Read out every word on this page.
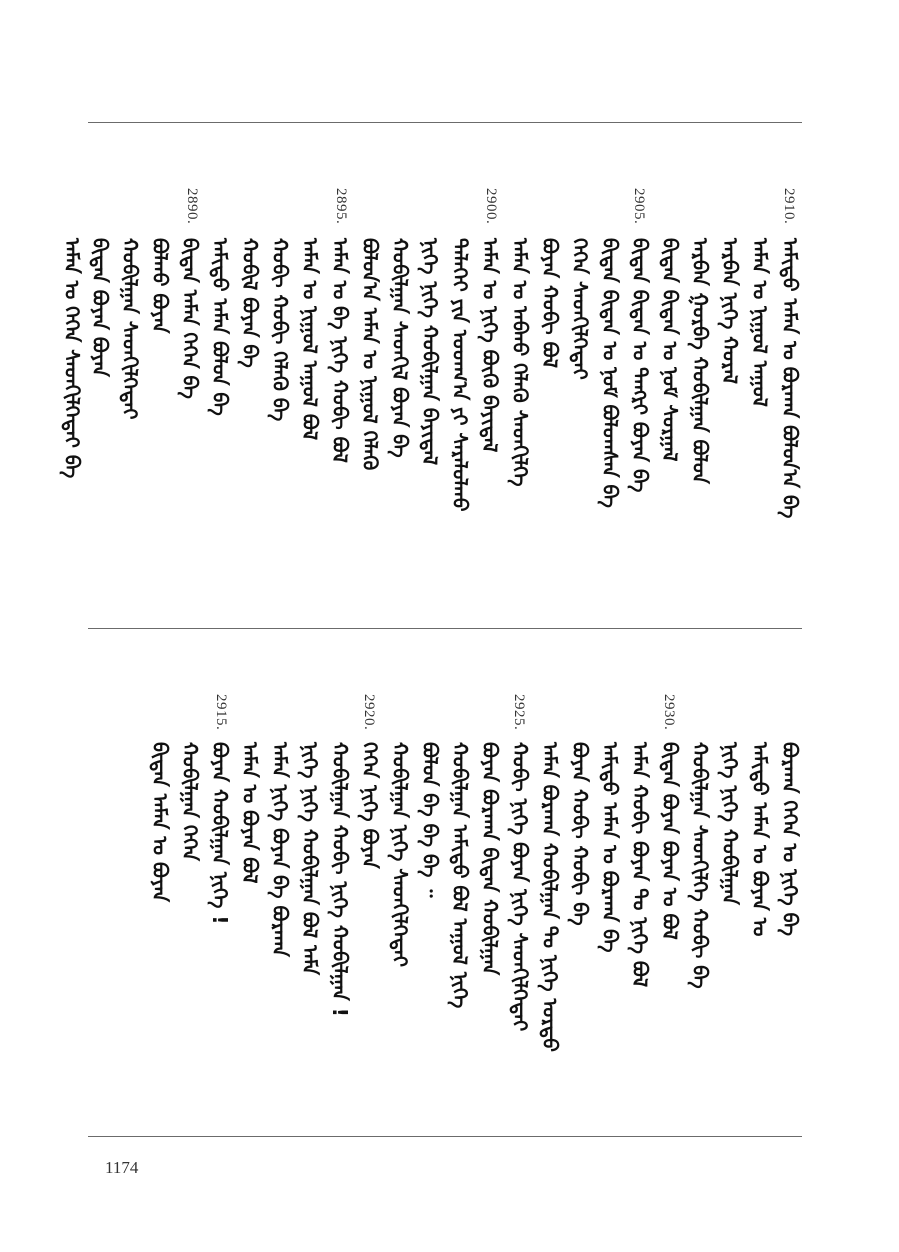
2910.
2905.
2900.
2895.
2890.
ᠠᠮᠢᠳᠤ ᠠᠮᠠᠨ ᠤ ᠪᠤᠷᠬᠠᠨ ᠪᠣᠯᠤᠨ᠎ᠠ ᠪᠡ
ᠠᠮᠠᠨ ᠤ ᠨᠢᠭᠤᠯ ᠠᠭᠤᠯ
ᠠᠷᠪᠠᠨ ᠨᠢᠭᠡ ᠬᠤᠷᠠᠯ
ᠠᠷᠪᠠᠨ ᠭᠤᠷᠪᠠ ᠬᠤᠪᠢᠯᠭᠠᠨ ᠪᠣᠯᠤᠨ
ᠪᠢᠳᠡᠨ ᠪᠢᠳᠡᠨ ᠤ ᠨᠣᠮ ᠰᠤᠷᠭᠠᠯ
ᠪᠢᠳᠡᠨ ᠪᠢᠳᠡᠨ ᠤ ᠲᠡᠩᠷᠢ ᠪᠤᠶᠠᠨ ᠪᠡ
ᠪᠢᠳᠡᠨ ᠪᠢᠳᠡᠨ ᠤ ᠨᠣᠮ ᠪᠤᠯᠤᠭᠰᠠᠨ ᠪᠡ
ᠭᠡᠭᠡᠨ ᠰᠡᠳᠬᠢᠯᠭᠡᠲᠡᠢ
ᠪᠤᠶᠠᠨ ᠬᠤᠪᠢ ᠪᠣᠯ
ᠠᠮᠠᠨ ᠤ ᠠᠪᠬᠤ ᠬᠡᠯᠡᠬᠦ ᠰᠡᠳᠬᠢᠯᠭᠡ
ᠠᠮᠠᠨ ᠤ ᠨᠢᠭᠡ ᠪᠦᠬᠦ ᠪᠠᠶᠢᠳᠠᠯ
ᠳᠡᠯᠡᠬᠡᠢ ᠶᠢᠨ ᠤᠳᠬ᠎ᠠ ᠶᠢ ᠰᠠᠷᠠᠯᠤᠯᠬᠤ
ᠨᠢᠭᠡ ᠨᠢᠭᠡ ᠬᠤᠪᠢᠯᠭᠠᠨ ᠪᠠᠶᠢᠳᠠᠯ
ᠬᠤᠪᠢᠯᠭᠠᠨ ᠰᠡᠳᠬᠢᠯ ᠪᠤᠶᠠᠨ ᠪᠡ
ᠪᠣᠯᠤᠨ᠎ᠠ ᠠᠮᠠᠨ ᠤ ᠨᠢᠭᠤᠯ ᠬᠡᠯᠡᠬᠦ
ᠠᠮᠠᠨ ᠤ ᠪᠡ ᠨᠢᠭᠡ ᠬᠤᠪᠢ ᠪᠣᠯ
ᠠᠮᠠᠨ ᠤ ᠨᠢᠭᠤᠯ ᠠᠭᠤᠯ ᠪᠣᠯ
ᠬᠤᠪᠢ ᠬᠤᠪᠢ ᠬᠡᠯᠡᠬᠦ ᠪᠡ
ᠬᠤᠪᠢᠯ ᠪᠤᠶᠠᠨ ᠪᠡ
ᠠᠮᠢᠳᠤ ᠠᠮᠠᠨ ᠪᠣᠯᠤᠨ ᠪᠡ
ᠪᠢᠳᠡᠨ ᠠᠮᠠᠨ ᠭᠡᠭᠡᠨ ᠪᠡ
ᠪᠣᠯᠬᠤ ᠪᠤᠶᠠᠨ
ᠬᠤᠪᠢᠯᠭᠠᠨ ᠰᠡᠳᠬᠢᠯᠭᠡᠲᠡᠢ
ᠪᠢᠳᠡᠨ ᠪᠤᠶᠠᠨ ᠪᠤᠶᠠᠨ
ᠠᠮᠠᠨ ᠤ ᠭᠡᠭᠡᠨ ᠰᠡᠳᠬᠢᠯᠭᠡᠲᠡᠢ ᠪᠡ
2930.
2925.
2920.
2915.
ᠪᠤᠷᠬᠠᠨ ᠭᠡᠭᠡᠨ ᠤ ᠨᠢᠭᠡ ᠪᠡ
ᠠᠮᠢᠳᠤ ᠠᠮᠠᠨ ᠤ ᠪᠤᠶᠠᠨ ᠤ
ᠨᠢᠭᠡ ᠨᠢᠭᠡ ᠬᠤᠪᠢᠯᠭᠠᠨ
ᠬᠤᠪᠢᠯᠭᠠᠨ ᠰᠡᠳᠬᠢᠯᠭᠡ ᠬᠤᠪᠢ ᠪᠡ
ᠪᠢᠳᠡᠨ ᠪᠤᠶᠠᠨ ᠪᠤᠶᠠᠨ ᠤ ᠪᠣᠯ
ᠠᠮᠠᠨ ᠬᠤᠪᠢ ᠪᠤᠶᠠᠨ ᠲᠤ ᠨᠢᠭᠡ ᠪᠣᠯ
ᠠᠮᠢᠳᠤ ᠠᠮᠠᠨ ᠤ ᠪᠤᠷᠬᠠᠨ ᠪᠡ
ᠪᠤᠶᠠᠨ ᠬᠤᠪᠢ ᠬᠤᠪᠢ ᠪᠡ
ᠠᠮᠠᠨ ᠪᠤᠷᠬᠠᠨ ᠬᠤᠪᠢᠯᠭᠠᠨ ᠲᠤ ᠨᠢᠭᠡ ᠤᠷᠳᠤ
ᠬᠤᠪᠢ ᠨᠢᠭᠡ ᠪᠤᠶᠠᠨ ᠨᠢᠭᠡ ᠰᠡᠳᠬᠢᠯᠭᠡᠲᠡᠢ
ᠪᠤᠶᠠᠨ ᠪᠤᠷᠬᠠᠨ ᠪᠢᠳᠡᠨ ᠬᠤᠪᠢᠯᠭᠠᠨ
ᠬᠤᠪᠢᠯᠭᠠᠨ ᠠᠮᠢᠳᠤ ᠪᠣᠯ ᠠᠭᠤᠯ ᠨᠢᠭᠡ
ᠪᠣᠯᠤᠨ ᠪᠡ ᠪᠡ ᠪᠡ ᠃
ᠬᠤᠪᠢᠯᠭᠠᠨ ᠨᠢᠭᠡ ᠰᠡᠳᠬᠢᠯᠭᠡᠲᠡᠢ
ᠭᠡᠭᠡᠨ ᠨᠢᠭᠡ ᠪᠤᠶᠠᠨ
ᠬᠤᠪᠢᠯᠭᠠᠨ ᠬᠤᠪᠢ ᠨᠢᠭᠡ ᠬᠤᠪᠢᠯᠭᠠᠨ !
ᠨᠢᠭᠡ ᠨᠢᠭᠡ ᠬᠤᠪᠢᠯᠭᠠᠨ ᠪᠣᠯ ᠠᠮᠠ
ᠠᠮᠠᠨ ᠨᠢᠭᠡ ᠪᠤᠶᠠᠨ ᠪᠡ ᠪᠤᠷᠬᠠᠨ
ᠠᠮᠠᠨ ᠤ ᠪᠤᠶᠠᠨ ᠪᠣᠯ
ᠪᠤᠶᠠᠨ ᠬᠤᠪᠢᠯᠭᠠᠨ ᠨᠢᠭᠡ !
ᠬᠤᠪᠢᠯᠭᠠᠨ ᠭᠡᠭᠡᠨ
ᠪᠢᠳᠡᠨ ᠠᠮᠠᠨ ᠤ ᠪᠤᠶᠠᠨ
1174
